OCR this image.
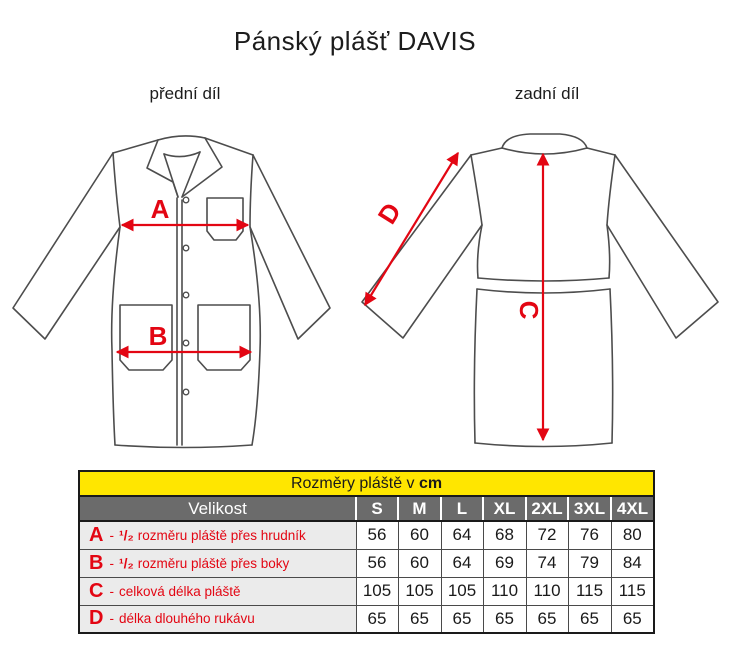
Pánský plášť DAVIS
přední díl	zadní díl
A
B
D
C
Rozměry pláště v cm							
Velikost	S	M	L	XL	2XL	3XL	4XL
A - ¹/₂ rozměru pláště přes hrudník	56	60	64	68	72	76	80
B - ¹/₂ rozměru pláště přes boky	56	60	64	69	74	79	84
C - celková délka pláště	105	105	105	110	110	115	115
D - délka dlouhého rukávu	65	65	65	65	65	65	65
